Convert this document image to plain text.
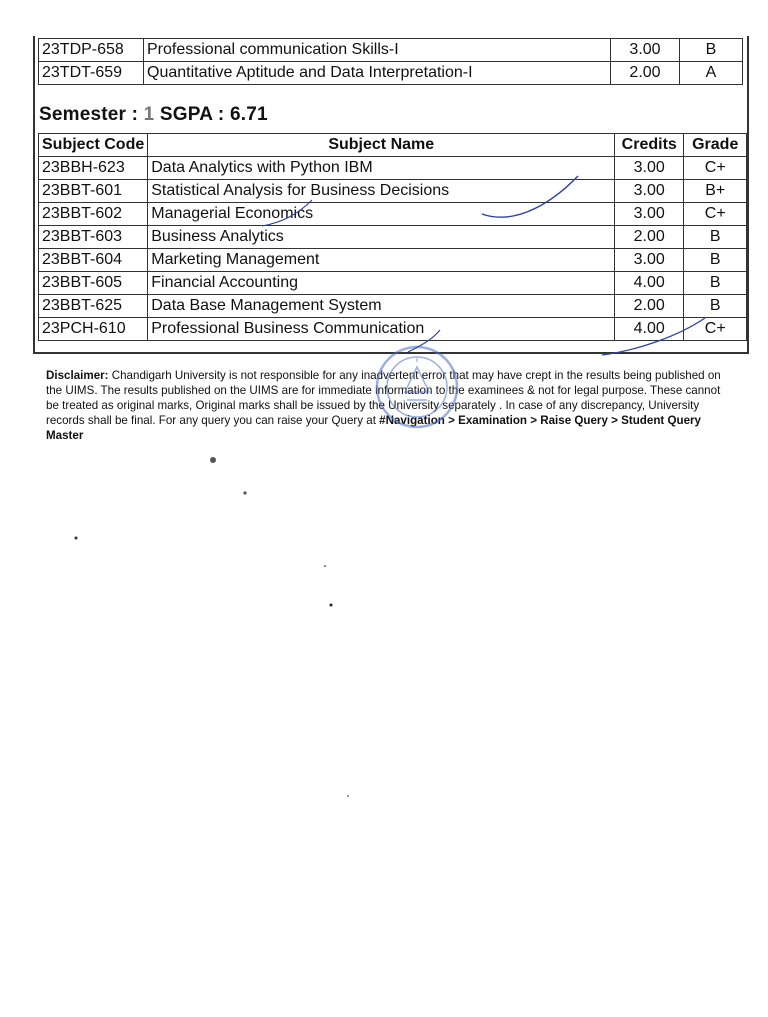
23TDP-658	Professional communication Skills-I	3.00	B
23TDT-659	Quantitative Aptitude and Data Interpretation-I	2.00	A
Semester : 1 SGPA : 6.71
Subject Code	Subject Name	Credits	Grade
23BBH-623	Data Analytics with Python IBM	3.00	C+
23BBT-601	Statistical Analysis for Business Decisions	3.00	B+
23BBT-602	Managerial Economics	3.00	C+
23BBT-603	Business Analytics	2.00	B
23BBT-604	Marketing Management	3.00	B
23BBT-605	Financial Accounting	4.00	B
23BBT-625	Data Base Management System	2.00	B
23PCH-610	Professional Business Communication	4.00	C+
Disclaimer: Chandigarh University is not responsible for any inadvertent error that may have crept in the results being published on the UIMS. The results published on the UIMS are for immediate information to the examinees & not for legal purpose. These cannot be treated as original marks, Original marks shall be issued by the University separately . In case of any discrepancy, University records shall be final. For any query you can raise your Query at #Navigation > Examination > Raise Query > Student Query Master
